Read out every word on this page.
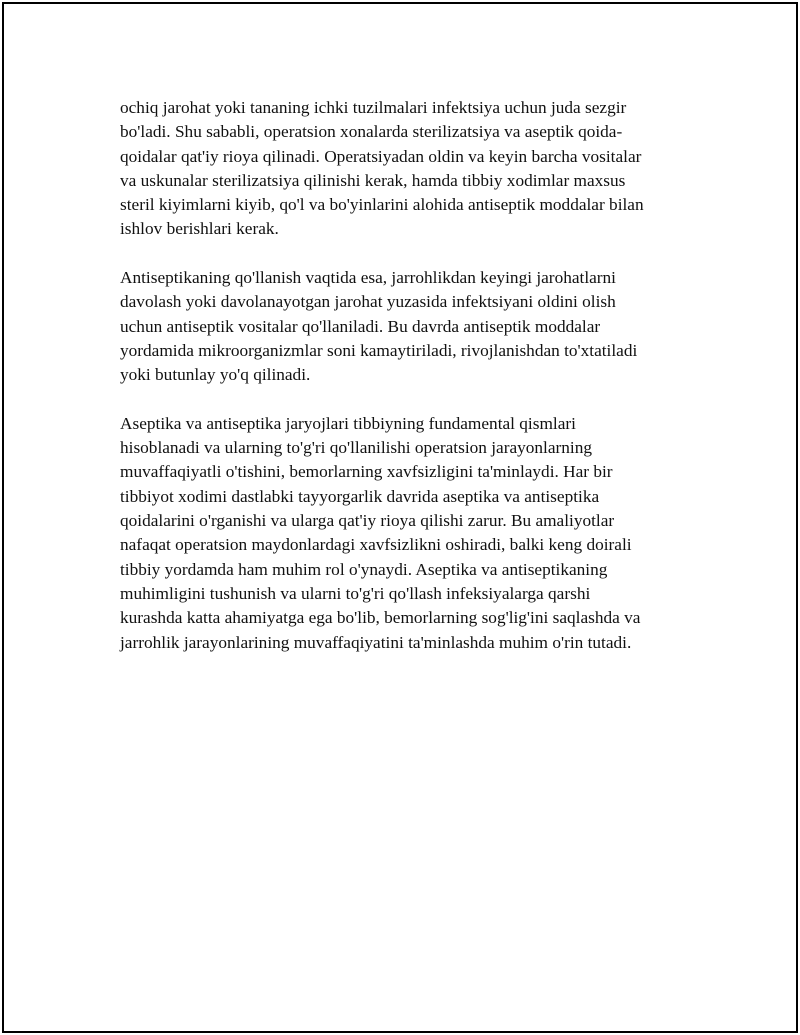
ochiq jarohat yoki tananing ichki tuzilmalari infektsiya uchun juda sezgir
bo'ladi. Shu sababli, operatsion xonalarda sterilizatsiya va aseptik qoida-
qoidalar qat'iy rioya qilinadi. Operatsiyadan oldin va keyin barcha vositalar
va uskunalar sterilizatsiya qilinishi kerak, hamda tibbiy xodimlar maxsus
steril kiyimlarni kiyib, qo'l va bo'yinlarini alohida antiseptik moddalar bilan
ishlov berishlari kerak.

Antiseptikaning qo'llanish vaqtida esa, jarrohlikdan keyingi jarohatlarni
davolash yoki davolanayotgan jarohat yuzasida infektsiyani oldini olish
uchun antiseptik vositalar qo'llaniladi. Bu davrda antiseptik moddalar
yordamida mikroorganizmlar soni kamaytiriladi, rivojlanishdan to'xtatiladi
yoki butunlay yo'q qilinadi.

Aseptika va antiseptika jaryojlari tibbiyning fundamental qismlari
hisoblanadi va ularning to'g'ri qo'llanilishi operatsion jarayonlarning
muvaffaqiyatli o'tishini, bemorlarning xavfsizligini ta'minlaydi. Har bir
tibbiyot xodimi dastlabki tayyorgarlik davrida aseptika va antiseptika
qoidalarini o'rganishi va ularga qat'iy rioya qilishi zarur. Bu amaliyotlar
nafaqat operatsion maydonlardagi xavfsizlikni oshiradi, balki keng doirali
tibbiy yordamda ham muhim rol o'ynaydi. Aseptika va antiseptikaning
muhimligini tushunish va ularni to'g'ri qo'llash infeksiyalarga qarshi
kurashda katta ahamiyatga ega bo'lib, bemorlarning sog'lig'ini saqlashda va
jarrohlik jarayonlarining muvaffaqiyatini ta'minlashda muhim o'rin tutadi.
